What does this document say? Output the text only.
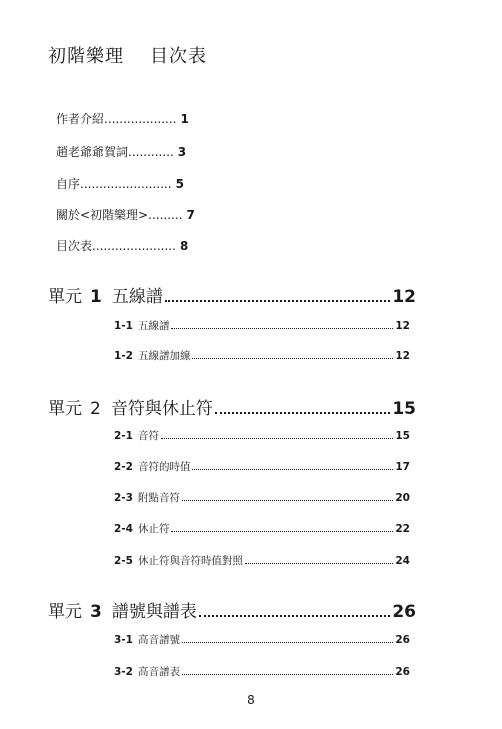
初階樂理 目次表
作者介紹................... 1
趙老爺爺賀詞............ 3
自序........................ 5
關於<初階樂理>......... 7
目次表...................... 8
單元 1 五線譜	12
1-1 五線譜	12
1-2 五線譜加線	12
單元 2 音符與休止符	15
2-1 音符	15
2-2 音符的時值	17
2-3 附點音符	20
2-4 休止符	22
2-5 休止符與音符時值對照	24
單元 3 譜號與譜表	26
3-1 高音譜號	26
3-2 高音譜表	26
8
